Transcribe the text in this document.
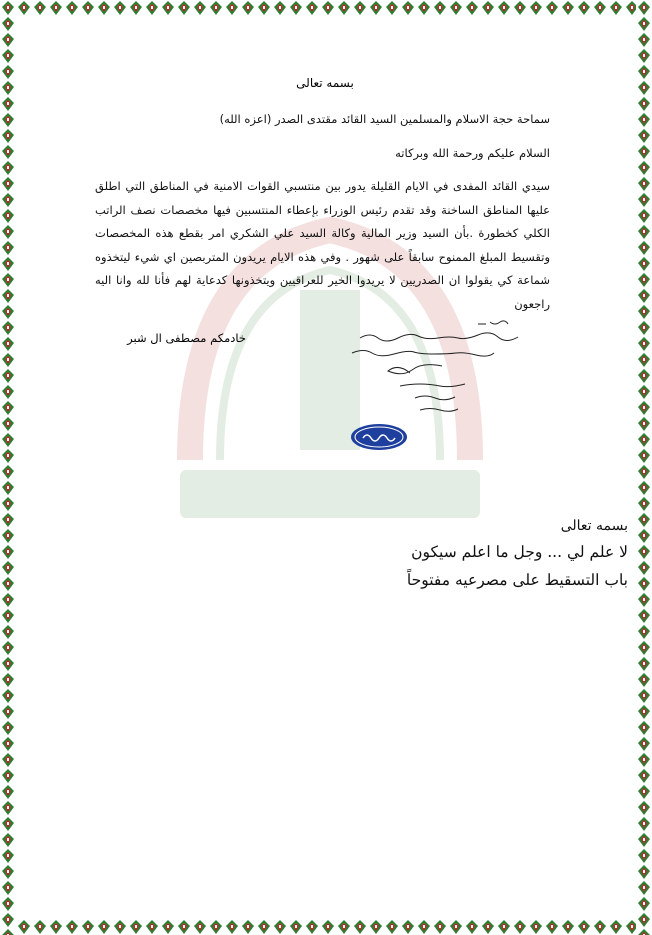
بسمه تعالى
سماحة حجة الاسلام والمسلمين السيد القائد مقتدى الصدر (اعزه الله)
السلام عليكم ورحمة الله وبركاته
سيدي القائد المفدى في الايام القليلة يدور بين منتسبي القوات الامنية في المناطق التي اطلق عليها المناطق الساخنة وقد تقدم رئيس الوزراء بإعطاء المنتسبين فيها مخصصات نصف الراتب الكلي كخطورة .بأن السيد وزير المالية وكالة السيد علي الشكري امر بقطع هذه المخصصات وتقسيط المبلغ الممنوح سابقاً على شهور . وفي هذه الايام يريدون المتربصين اي شيء ليتخذوه شماعة كي يقولوا ان الصدريين لا يريدوا الخير للعراقيين ويتخذونها كدعاية لهم فأنا لله وانا اليه راجعون
خادمكم مصطفى ال شبر
بسمه تعالى
لا علم لي ... وجل ما اعلم سيكون
باب التسقيط على مصرعيه مفتوحاً
